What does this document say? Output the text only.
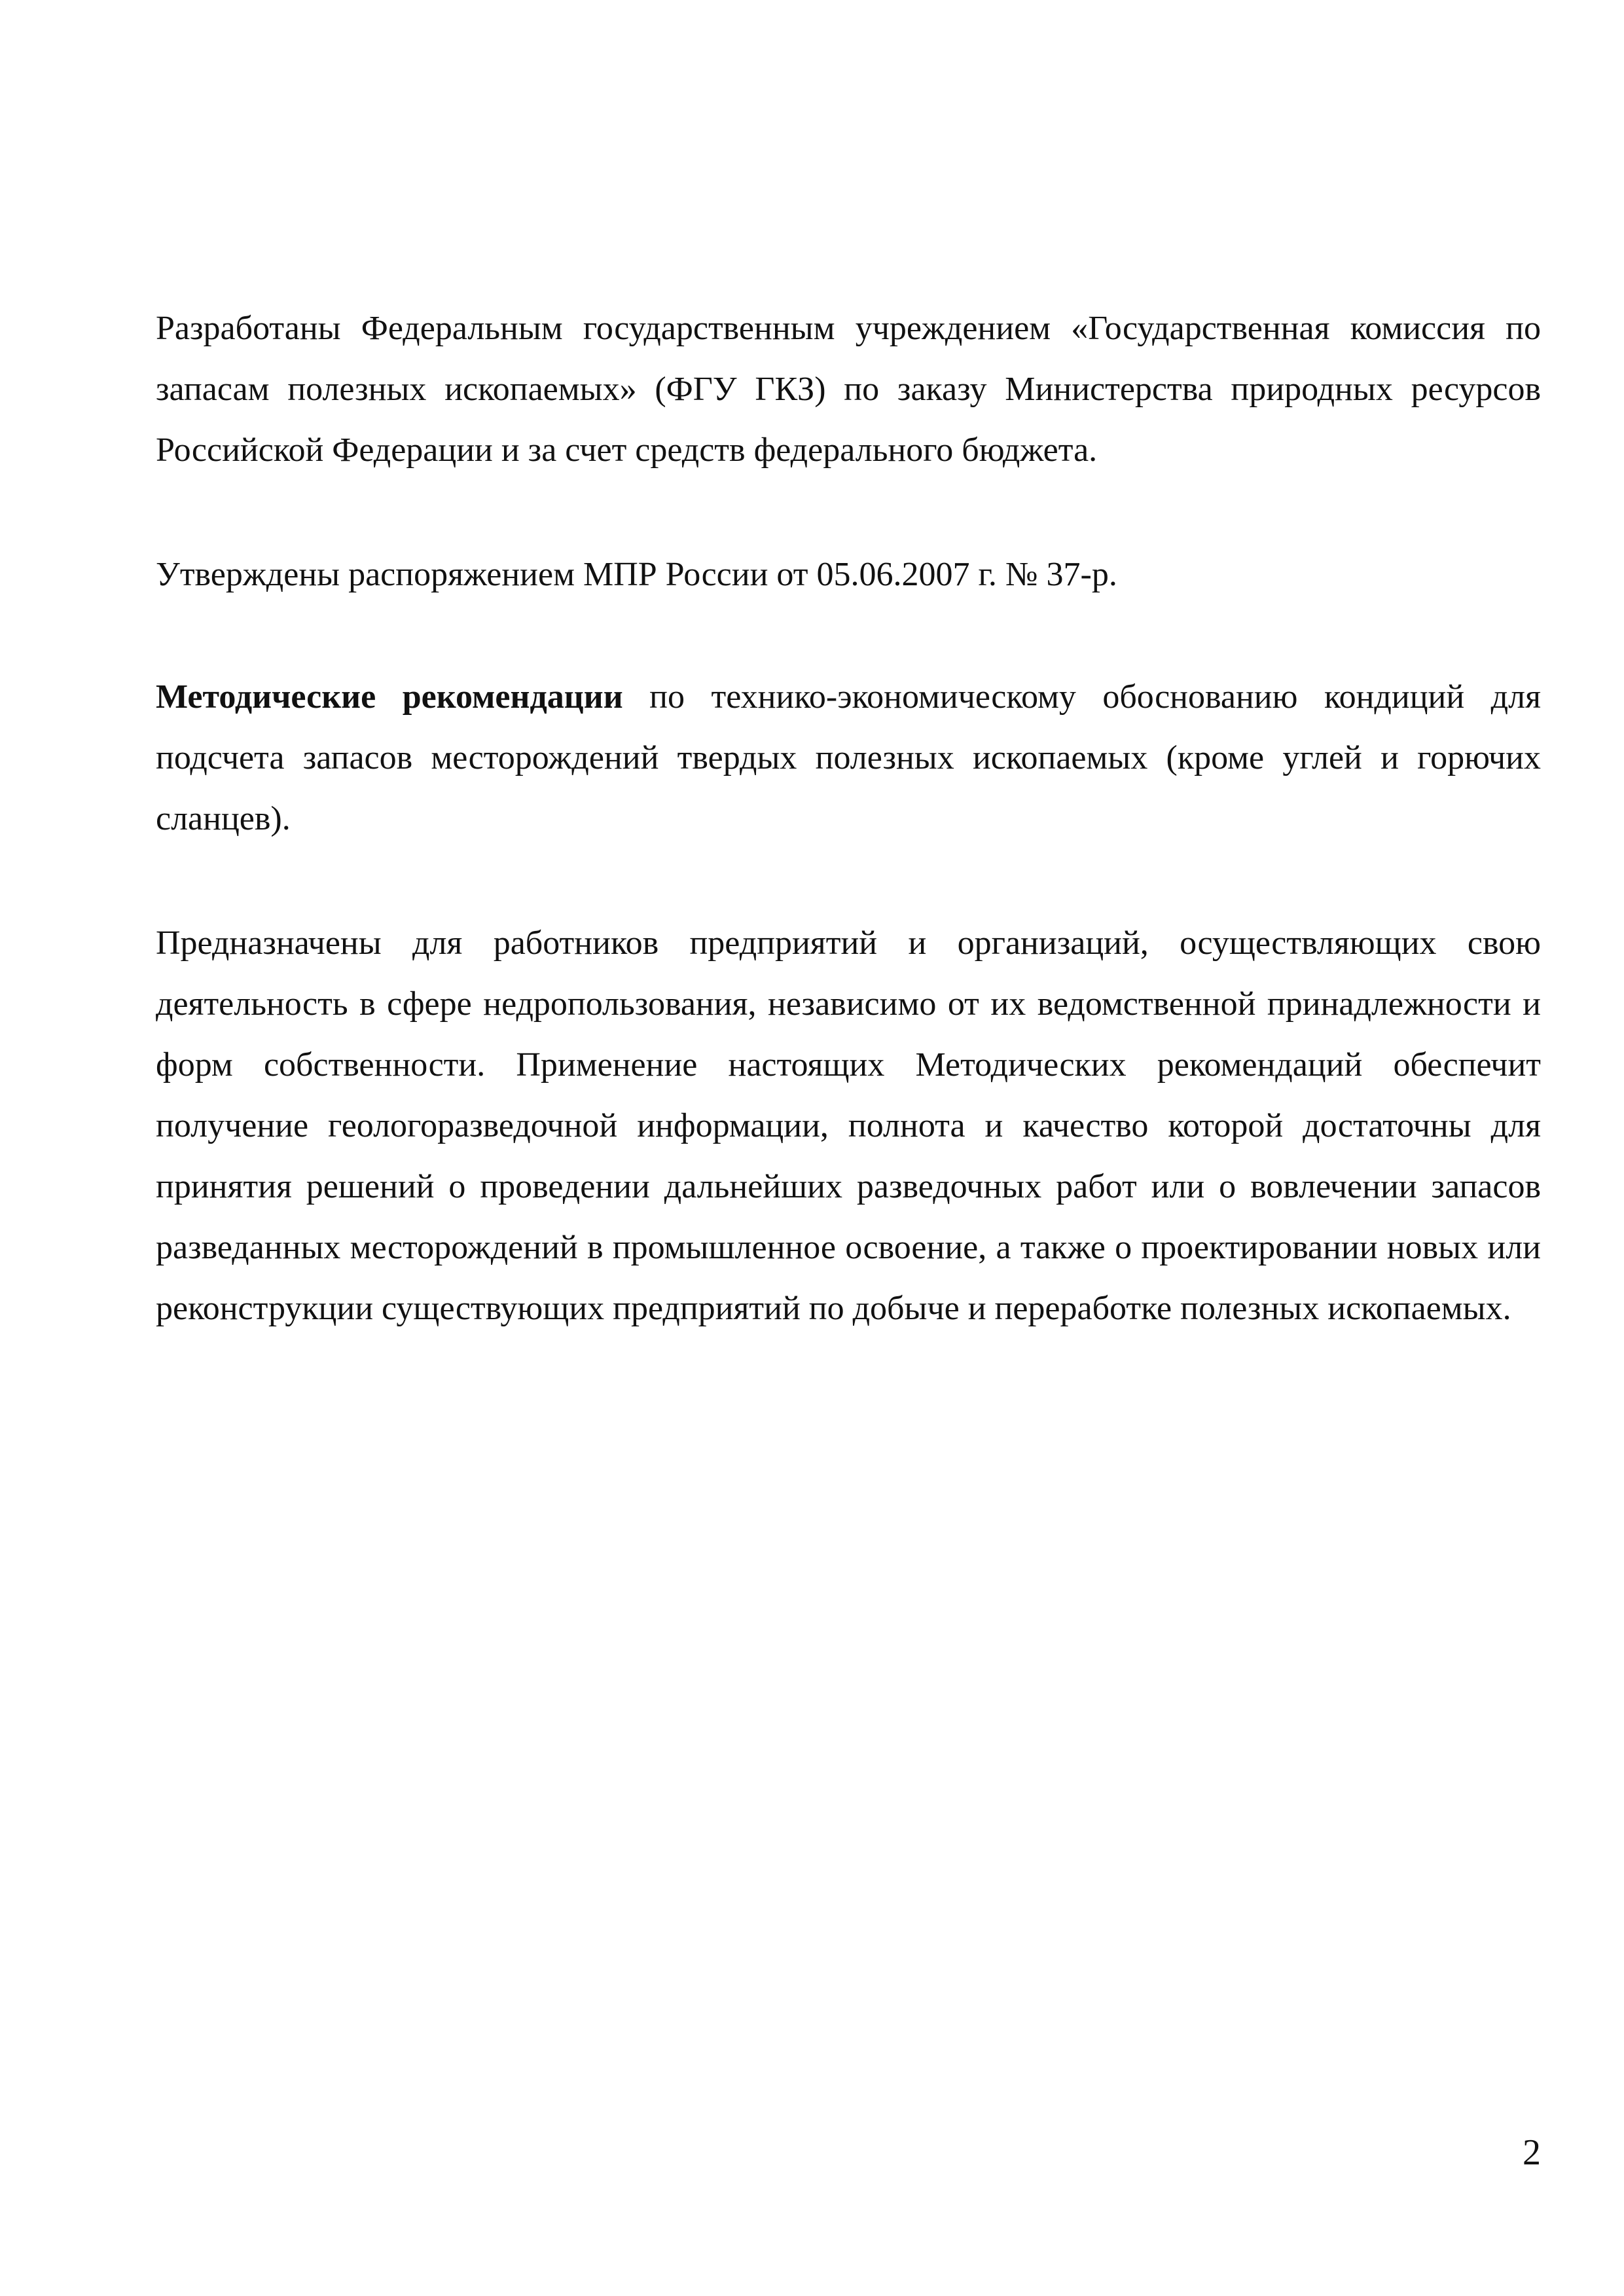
Разработаны Федеральным государственным учреждением «Государственная комиссия по запасам полезных ископаемых» (ФГУ ГКЗ) по заказу Министерства природных ресурсов Российской Федерации и за счет средств федерального бюджета.

Утверждены распоряжением МПР России от 05.06.2007 г. № 37-р.

Методические рекомендации по технико-экономическому обоснованию кондиций для подсчета запасов месторождений твердых полезных ископаемых (кроме углей и горючих сланцев).

Предназначены для работников предприятий и организаций, осуществляющих свою деятельность в сфере недропользования, независимо от их ведомственной принадлежности и форм собственности. Применение настоящих Методических рекомендаций обеспечит получение геологоразведочной информации, полнота и качество которой достаточны для принятия решений о проведении дальнейших разведочных работ или о вовлечении запасов разведанных месторождений в промышленное освоение, а также о проектировании новых или реконструкции существующих предприятий по добыче и переработке полезных ископаемых.

2
